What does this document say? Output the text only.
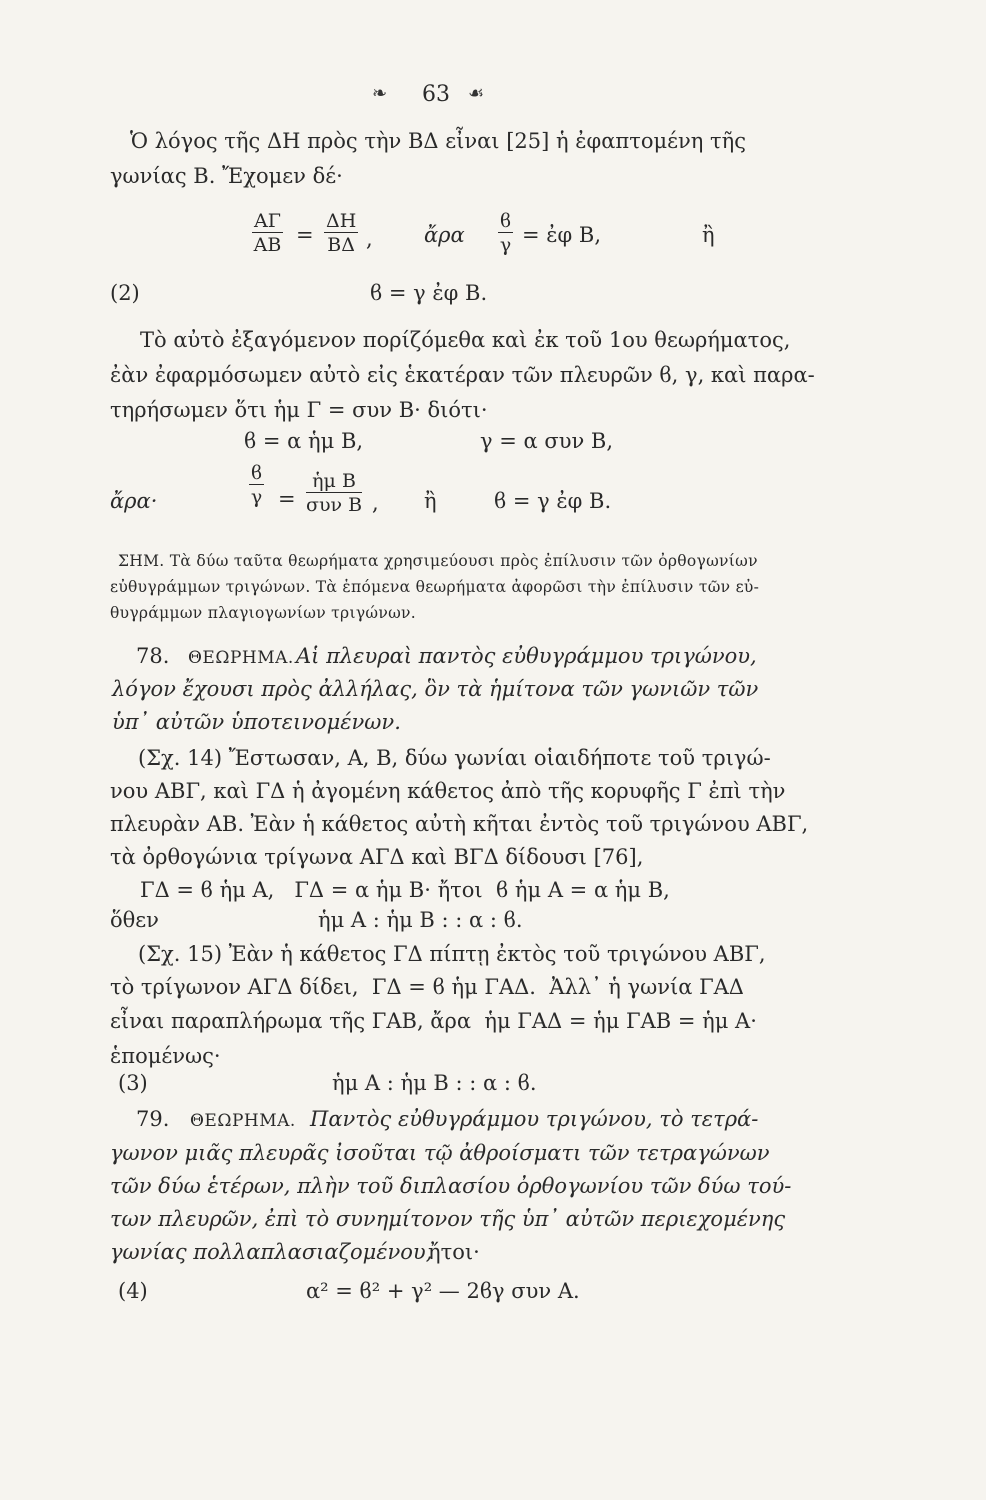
❧ 63 ☙
Ὁ λόγος τῆς ΔΗ πρὸς τὴν ΒΔ εἶναι [25] ἡ ἐφαπτομένη τῆς
γωνίας Β. Ἔχομεν δέ·
$\frac{A\Gamma}{AB} = \frac{\Delta H}{B\Delta}$ , ἄρα $\frac{ϐ}{\gamma}$ = ἐφ Β,	ἢ
(2)	ϐ = γ ἐφ Β.
Τὸ αὐτὸ ἐξαγόμενον πορίζόμεθα καὶ ἐκ τοῦ 1ου θεωρήματος,
ἐὰν ἐφαρμόσωμεν αὐτὸ εἰς ἑκατέραν τῶν πλευρῶν ϐ, γ, καὶ παρα-
τηρήσωμεν ὅτι ἡμ Γ = συν Β· διότι·
ϐ = α ἡμ Β,	γ = α συν Β,
ἄρα·	$\frac{ϐ}{\gamma}$ =
ἡμ Β
συν Β , ἢ	ϐ = γ ἐφ Β.
ΣΗΜ. Τὰ δύω ταῦτα θεωρήματα χρησιμεύουσι πρὸς ἐπίλυσιν τῶν ὀρθογωνίων
εὐθυγράμμων τριγώνων. Τὰ ἑπόμενα θεωρήματα ἀφορῶσι τὴν ἐπίλυσιν τῶν εὐ-
θυγράμμων πλαγιογωνίων τριγώνων.
78. ΘΕΩΡΗΜΑ. Αἱ πλευραὶ παντὸς εὐθυγράμμου τριγώνου,
λόγον ἔχουσι πρὸς ἀλλήλας, ὃν τὰ ἡμίτονα τῶν γωνιῶν τῶν
ὑπ᾽ αὐτῶν ὑποτεινομένων.
(Σχ. 14) Ἔστωσαν, Α, Β, δύω γωνίαι οἱαιδήποτε τοῦ τριγώ-
νου ΑΒΓ, καὶ ΓΔ ἡ ἀγομένη κάθετος ἀπὸ τῆς κορυφῆς Γ ἐπὶ τὴν
πλευρὰν ΑΒ. Ἐὰν ἡ κάθετος αὐτὴ κῆται ἐντὸς τοῦ τριγώνου ΑΒΓ,
τὰ ὀρθογώνια τρίγωνα ΑΓΔ καὶ ΒΓΔ δίδουσι [76],
ΓΔ = ϐ ἡμ Α,   ΓΔ = α ἡμ Β· ἤτοι  ϐ ἡμ Α = α ἡμ Β,
ὅθεν	ἡμ Α : ἡμ Β : : α : ϐ.
(Σχ. 15) Ἐὰν ἡ κάθετος ΓΔ πίπτῃ ἐκτὸς τοῦ τριγώνου ΑΒΓ,
τὸ τρίγωνον ΑΓΔ δίδει,  ΓΔ = ϐ ἡμ ΓΑΔ.  Ἀλλ᾽ ἡ γωνία ΓΑΔ
εἶναι παραπλήρωμα τῆς ΓΑΒ, ἄρα  ἡμ ΓΑΔ = ἡμ ΓΑΒ = ἡμ Α·
ἑπομένως·
(3)	ἡμ Α : ἡμ Β : : α : ϐ.
79. ΘΕΩΡΗΜΑ. Παντὸς εὐθυγράμμου τριγώνου, τὸ τετρά-
γωνον μιᾶς πλευρᾶς ἰσοῦται τῷ ἀθροίσματι τῶν τετραγώνων
τῶν δύω ἑτέρων, πλὴν τοῦ διπλασίου ὀρθογωνίου τῶν δύω τού-
των πλευρῶν, ἐπὶ τὸ συνημίτονον τῆς ὑπ᾽ αὐτῶν περιεχομένης
γωνίας πολλαπλασιαζομένου,
ἤτοι·
(4)	α² = ϐ² + γ² — 2ϐγ συν Α.
